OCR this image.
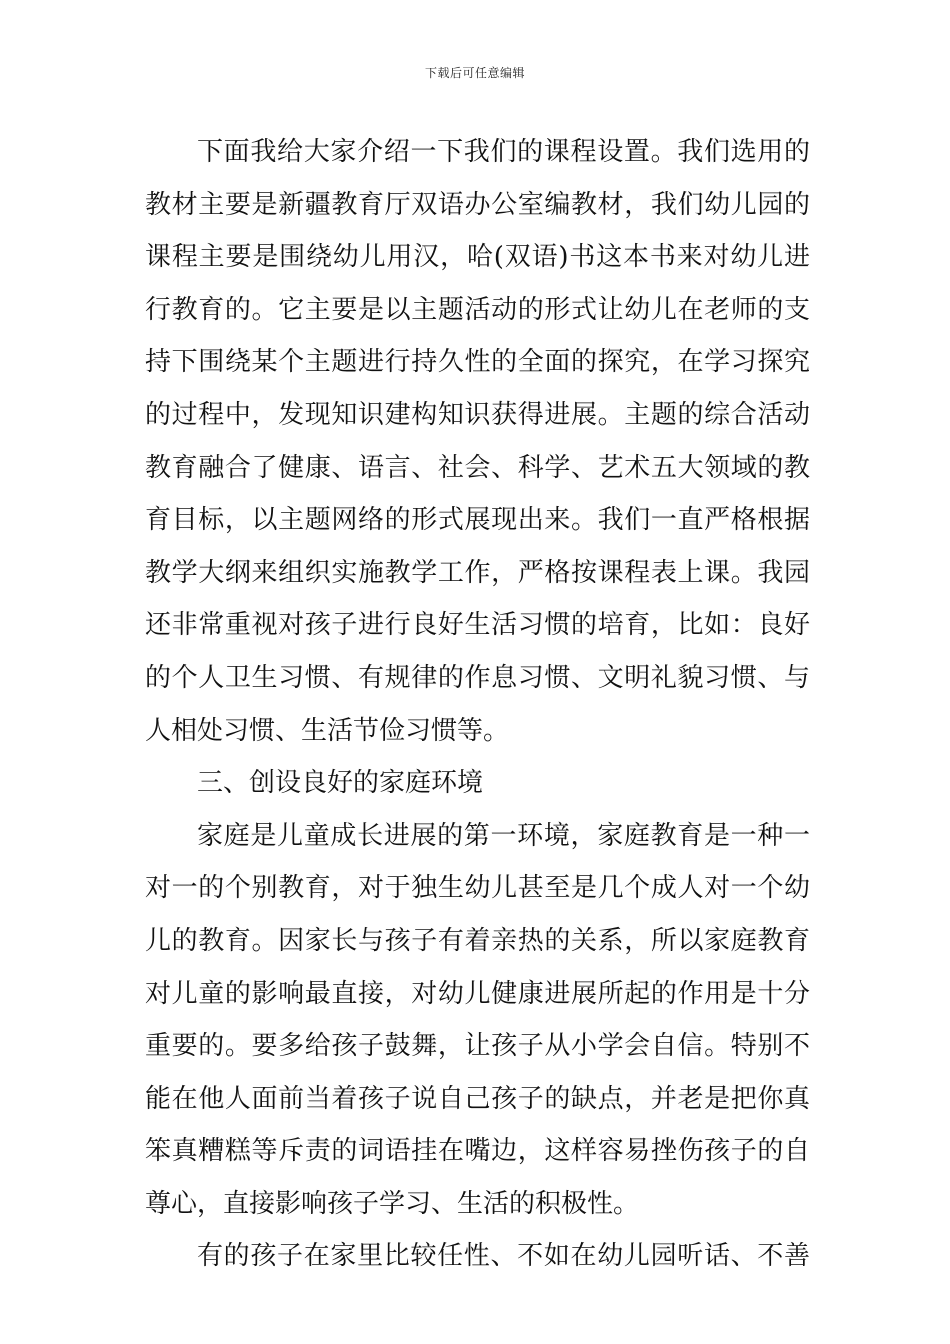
下载后可任意编辑
下面我给大家介绍一下我们的课程设置。我们选用的
教材主要是新疆教育厅双语办公室编教材，我们幼儿园的
课程主要是围绕幼儿用汉，哈(双语)书这本书来对幼儿进
行教育的。它主要是以主题活动的形式让幼儿在老师的支
持下围绕某个主题进行持久性的全面的探究，在学习探究
的过程中，发现知识建构知识获得进展。主题的综合活动
教育融合了健康、语言、社会、科学、艺术五大领域的教
育目标，以主题网络的形式展现出来。我们一直严格根据
教学大纲来组织实施教学工作，严格按课程表上课。我园
还非常重视对孩子进行良好生活习惯的培育，比如：良好
的个人卫生习惯、有规律的作息习惯、文明礼貌习惯、与
人相处习惯、生活节俭习惯等。
三、创设良好的家庭环境
家庭是儿童成长进展的第一环境，家庭教育是一种一
对一的个别教育，对于独生幼儿甚至是几个成人对一个幼
儿的教育。因家长与孩子有着亲热的关系，所以家庭教育
对儿童的影响最直接，对幼儿健康进展所起的作用是十分
重要的。要多给孩子鼓舞，让孩子从小学会自信。特别不
能在他人面前当着孩子说自己孩子的缺点，并老是把你真
笨真糟糕等斥责的词语挂在嘴边，这样容易挫伤孩子的自
尊心，直接影响孩子学习、生活的积极性。
有的孩子在家里比较任性、不如在幼儿园听话、不善
